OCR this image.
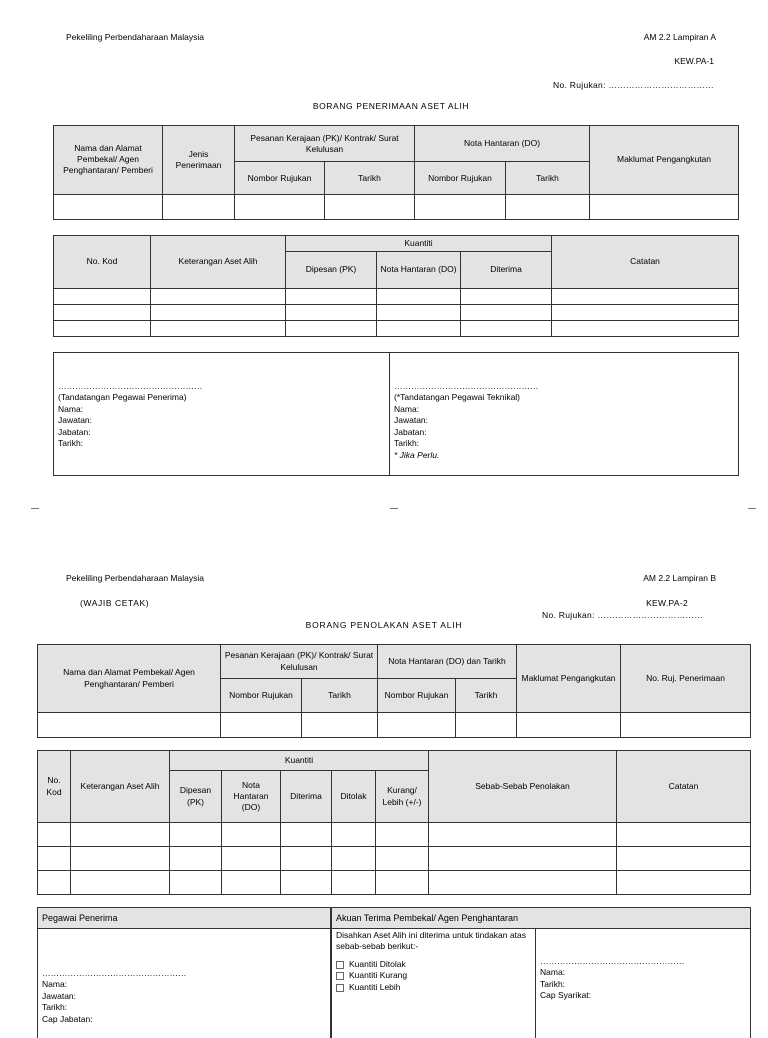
Pekeliling Perbendaharaan Malaysia	AM 2.2 Lampiran A
KEW.PA-1
No. Rujukan: ………………………………
BORANG PENERIMAAN ASET ALIH
Nama dan Alamat Pembekal/ Agen Penghantaran/ Pemberi	Jenis Penerimaan	Pesanan Kerajaan (PK)/ Kontrak/ Surat Kelulusan		Nota Hantaran (DO)		Maklumat Pengangkutan
		Nombor Rujukan	Tarikh	Nombor Rujukan	Tarikh	

No. Kod	Keterangan Aset Alih	Kuantiti			Catatan
		Dipesan (PK)	Nota Hantaran (DO)	Diterima	

……………………………………………
(Tandatangan Pegawai Penerima)
Nama:
Jawatan:
Jabatan:
Tarikh:
……………………………………………
(*Tandatangan Pegawai Teknikal)
Nama:
Jawatan:
Jabatan:
Tarikh:
* Jika Perlu.
Pekeliling Perbendaharaan Malaysia	AM 2.2 Lampiran B
(WAJIB CETAK)	KEW.PA-2
No. Rujukan: ………………………………
BORANG PENOLAKAN ASET ALIH
Nama dan Alamat Pembekal/ Agen Penghantaran/ Pemberi	Pesanan Kerajaan (PK)/ Kontrak/ Surat Kelulusan		Nota Hantaran (DO) dan Tarikh		Maklumat Pengangkutan	No. Ruj. Penerimaan
	Nombor Rujukan	Tarikh	Nombor Rujukan	Tarikh		

No. Kod	Keterangan Aset Alih	Kuantiti					Sebab-Sebab Penolakan	Catatan
		Dipesan (PK)	Nota Hantaran (DO)	Diterima	Ditolak	Kurang/ Lebih (+/-)		

Pegawai Penerima	Akuan Terima Pembekal/ Agen Penghantaran
……………………………………………
Nama:
Jawatan:
Tarikh:
Cap Jabatan:
Disahkan Aset Alih ini diterima untuk tindakan atas sebab-sebab berikut:-
Kuantiti Ditolak
Kuantiti Kurang
Kuantiti Lebih
……………………………………………
Nama:
Tarikh:
Cap Syarikat:
